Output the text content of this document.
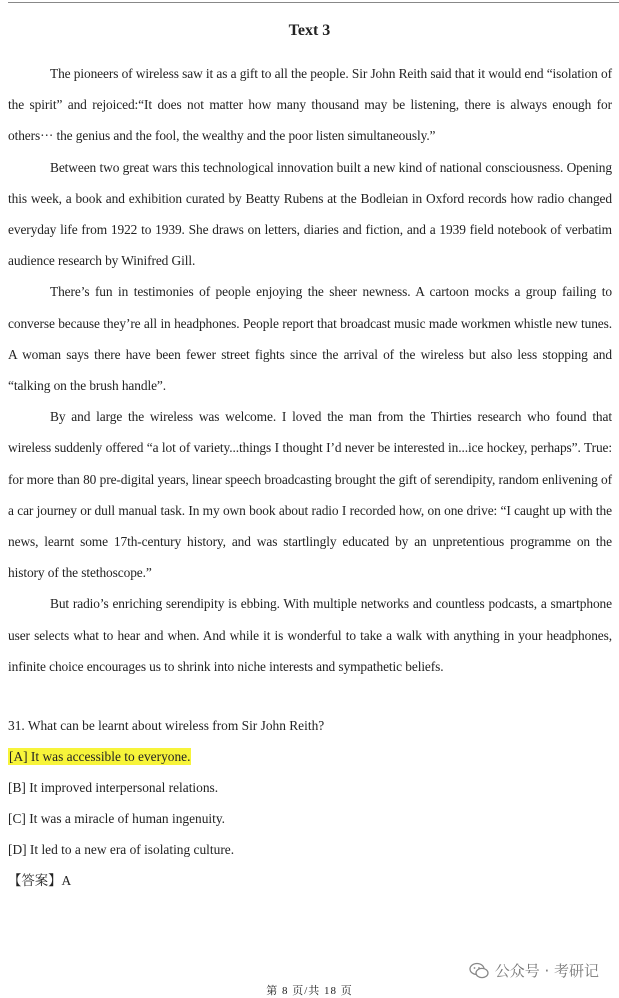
Text 3

The pioneers of wireless saw it as a gift to all the people. Sir John Reith said that it would end “isolation of the spirit” and rejoiced:“It does not matter how many thousand may be listening, there is always enough for others··· the genius and the fool, the wealthy and the poor listen simultaneously.”

Between two great wars this technological innovation built a new kind of national consciousness. Opening this week, a book and exhibition curated by Beatty Rubens at the Bodleian in Oxford records how radio changed everyday life from 1922 to 1939. She draws on letters, diaries and fiction, and a 1939 field notebook of verbatim audience research by Winifred Gill.

There’s fun in testimonies of people enjoying the sheer newness. A cartoon mocks a group failing to converse because they’re all in headphones. People report that broadcast music made workmen whistle new tunes. A woman says there have been fewer street fights since the arrival of the wireless but also less stopping and “talking on the brush handle”.

By and large the wireless was welcome. I loved the man from the Thirties research who found that wireless suddenly offered “a lot of variety...things I thought I’d never be interested in...ice hockey, perhaps”. True: for more than 80 pre-digital years, linear speech broadcasting brought the gift of serendipity, random enlivening of a car journey or dull manual task. In my own book about radio I recorded how, on one drive: “I caught up with the news, learnt some 17th-century history, and was startlingly educated by an unpretentious programme on the history of the stethoscope.”

But radio’s enriching serendipity is ebbing. With multiple networks and countless podcasts, a smartphone user selects what to hear and when. And while it is wonderful to take a walk with anything in your headphones, infinite choice encourages us to shrink into niche interests and sympathetic beliefs.

31. What can be learnt about wireless from Sir John Reith?
[A] It was accessible to everyone.
[B] It improved interpersonal relations.
[C] It was a miracle of human ingenuity.
[D] It led to a new era of isolating culture.
【答案】A
公众号 · 考研记
第 8 页/共 18 页
